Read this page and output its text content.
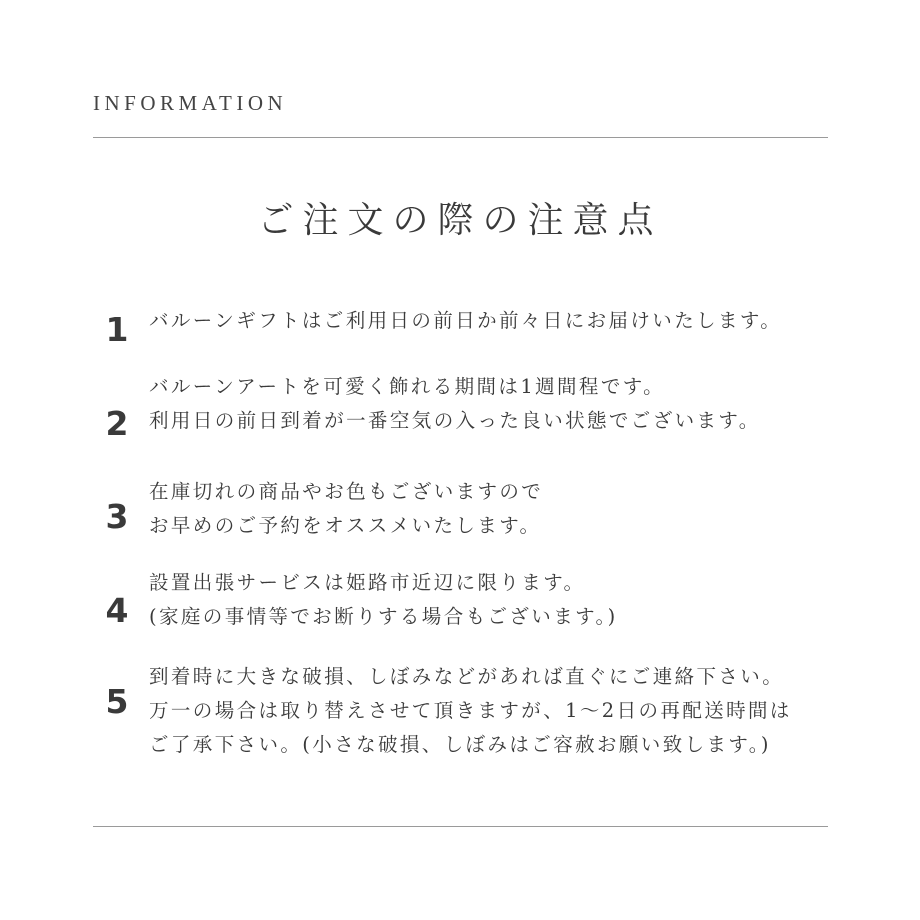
INFORMATION
ご注文の際の注意点
1	バルーンギフトはご利用日の前日か前々日にお届けいたします。
2
バルーンアートを可愛く飾れる期間は1週間程です。
利用日の前日到着が一番空気の入った良い状態でございます。
3
在庫切れの商品やお色もございますので
お早めのご予約をオススメいたします。
4
設置出張サービスは姫路市近辺に限ります。
(家庭の事情等でお断りする場合もございます。)
5
到着時に大きな破損、しぼみなどがあれば直ぐにご連絡下さい。
万一の場合は取り替えさせて頂きますが、1〜2日の再配送時間は
ご了承下さい。(小さな破損、しぼみはご容赦お願い致します。)
